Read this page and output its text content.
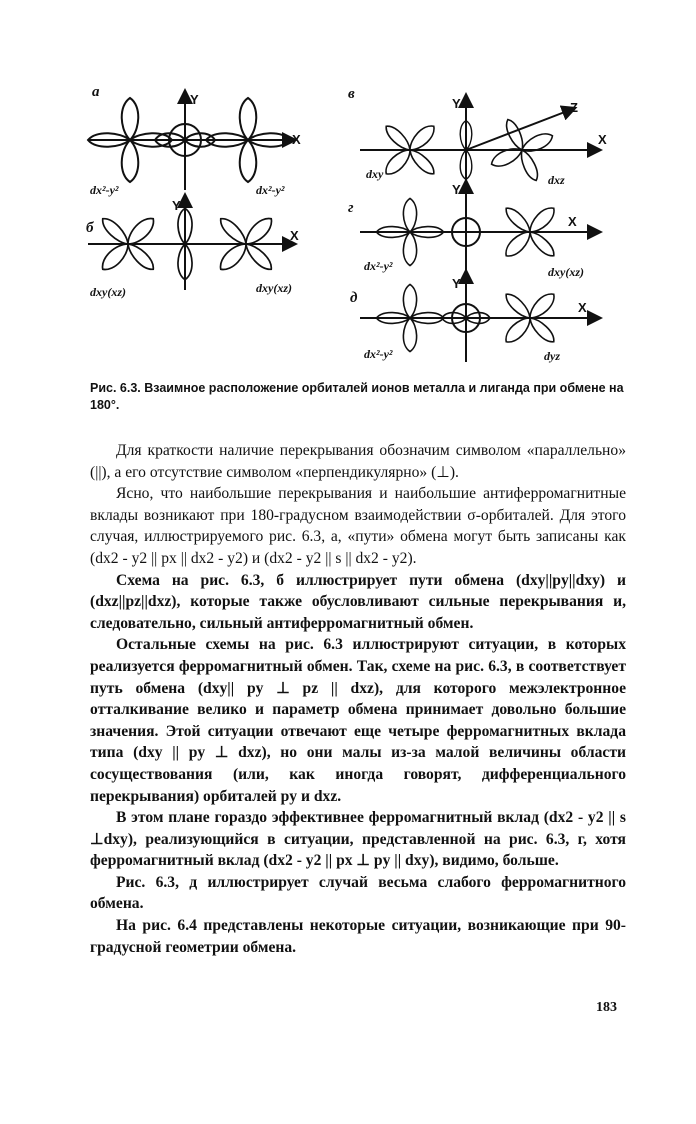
а	Y
X
dx²-y²	dx²-y²
б
Y
X
dxy(xz)	dxy(xz)
в
Y	Z
X
dxy	dxz
г
Y
X
dx²-y²	dxy(xz)
д
Y
X
dx²-y²	dyz
Рис. 6.3. Взаимное расположение орбиталей ионов металла и лиганда при обмене на 180°.

Для краткости наличие перекрывания обозначим символом «параллельно» (||), а его отсутствие символом «перпендикулярно» (⊥).

Ясно, что наибольшие перекрывания и наибольшие антиферромагнитные вклады возникают при 180-градусном взаимодействии σ-орбиталей. Для этого случая, иллюстрируемого рис. 6.3, а, «пути» обмена могут быть записаны как (dx2 - y2 || px || dx2 - y2) и (dx2 - y2 || s || dx2 - y2).

Схема на рис. 6.3, б иллюстрирует пути обмена (dxy||py||dxy) и (dxz||pz||dxz), которые также обусловливают сильные перекрывания и, следовательно, сильный антиферромагнитный обмен.

Остальные схемы на рис. 6.3 иллюстрируют ситуации, в которых реализуется ферромагнитный обмен. Так, схеме на рис. 6.3, в соответствует путь обмена (dxy|| py ⊥ pz || dxz), для которого межэлектронное отталкивание велико и параметр обмена принимает довольно большие значения. Этой ситуации отвечают еще четыре ферромагнитных вклада типа (dxy || py ⊥ dxz), но они малы из-за малой величины области сосуществования (или, как иногда говорят, дифференциального перекрывания) орбиталей py и dxz.

В этом плане гораздо эффективнее ферромагнитный вклад (dx2 - y2 || s ⊥dxy), реализующийся в ситуации, представленной на рис. 6.3, г, хотя ферромагнитный вклад (dx2 - y2 || px ⊥ py || dxy), видимо, больше.

Рис. 6.3, д иллюстрирует случай весьма слабого ферромагнитного обмена.

На рис. 6.4 представлены некоторые ситуации, возникающие при 90-градусной геометрии обмена.

183
